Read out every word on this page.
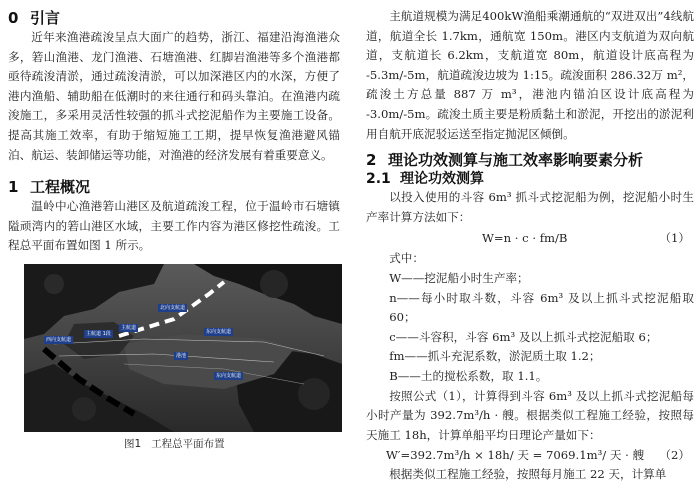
0 引言

近年来渔港疏浚呈点大面广的趋势，浙江、福建沿海渔港众多，箬山渔港、龙门渔港、石塘渔港、红脚岩渔港等多个渔港都亟待疏浚清淤，通过疏浚清淤，可以加深港区内的水深，方便了港内渔船、辅助船在低潮时的来往通行和码头靠泊。在渔港内疏浚施工，多采用灵活性较强的抓斗式挖泥船作为主要施工设备。提高其施工效率，有助于缩短施工工期，提早恢复渔港避风锚泊、航运、装卸储运等功能，对渔港的经济发展有着重要意义。

1 工程概况

温岭中心渔港箬山港区及航道疏浚工程，位于温岭市石塘镇隘顽湾内的箬山港区水域，主要工作内容为港区修挖性疏浚。工程总平面布置如图 1 所示。

北向支航道
主航道
东向支航道
西向支航道
主航道 1段
港池
东向支航道
图1 工程总平面布置

主航道规模为满足400kW渔船乘潮通航的“双进双出”4线航道，航道全长 1.7km，通航宽 150m。港区内支航道为双向航道，支航道长 6.2km，支航道宽 80m，航道设计底高程为 -5.3m/-5m，航道疏浚边坡为 1:15。疏浚面积 286.32万 m²，疏浚土方总量 887 万 m³，港池内锚泊区设计底高程为 -3.0m/-5m。疏浚土质主要是粉质黏土和淤泥，开挖出的淤泥利用自航开底泥驳运送至指定抛泥区倾倒。

2 理论功效测算与施工效率影响要素分析
2.1 理论功效测算

以投入使用的斗容 6m³ 抓斗式挖泥船为例，挖泥船小时生产率计算方法如下：

W=n · c · fm/B	（1）

式中：

W——挖泥船小时生产率；

n——每小时取斗数，斗容 6m³ 及以上抓斗式挖泥船取 60；

c——斗容积，斗容 6m³ 及以上抓斗式挖泥船取 6；

fm——抓斗充泥系数，淤泥质土取 1.2；

B——土的搅松系数，取 1.1。

按照公式（1），计算得到斗容 6m³ 及以上抓斗式挖泥船每小时产量为 392.7m³/h · 艘。根据类似工程施工经验，按照每天施工 18h，计算单船平均日理论产量如下：

W′=392.7m³/h × 18h/ 天 = 7069.1m³/ 天 · 艘 （2）

根据类似工程施工经验，按照每月施工 22 天，计算单
